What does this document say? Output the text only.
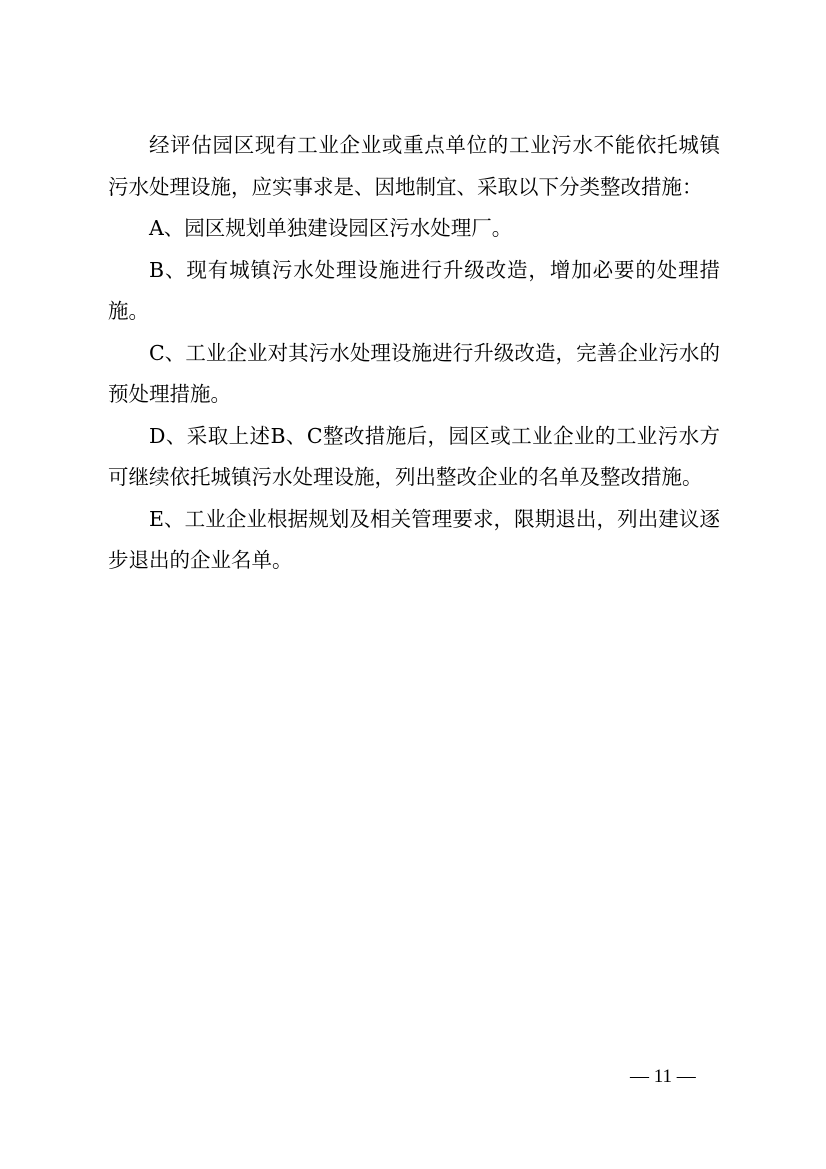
经评估园区现有工业企业或重点单位的工业污水不能依托城镇污水处理设施，应实事求是、因地制宜、采取以下分类整改措施：

A、园区规划单独建设园区污水处理厂。

B、现有城镇污水处理设施进行升级改造，增加必要的处理措施。

C、工业企业对其污水处理设施进行升级改造，完善企业污水的预处理措施。

D、采取上述B、C整改措施后，园区或工业企业的工业污水方可继续依托城镇污水处理设施，列出整改企业的名单及整改措施。

E、工业企业根据规划及相关管理要求，限期退出，列出建议逐步退出的企业名单。

— 11 —
